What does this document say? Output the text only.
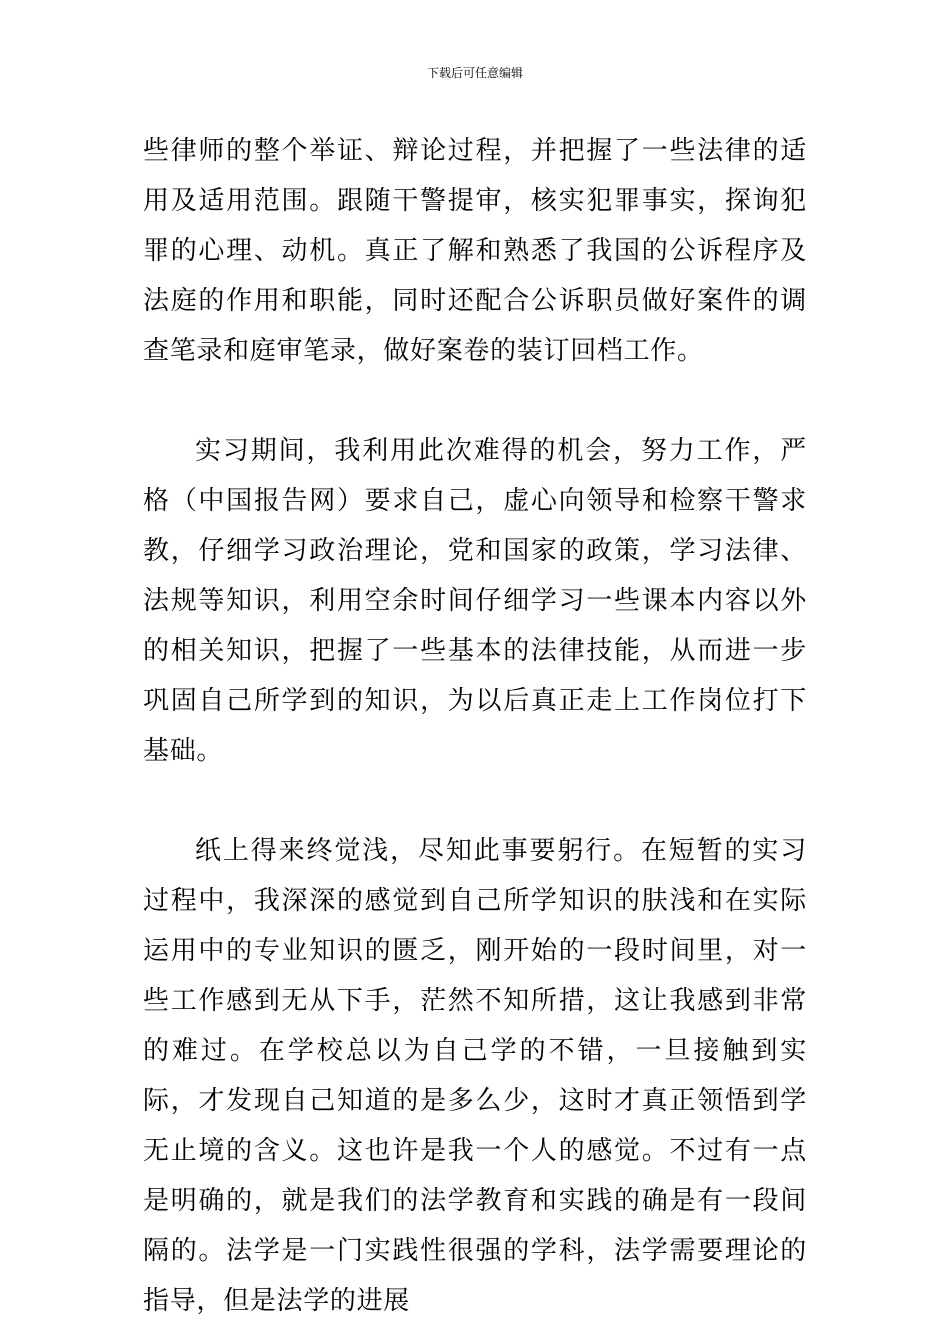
下载后可任意编辑

些律师的整个举证、辩论过程，并把握了一些法律的适用及适用范围。跟随干警提审，核实犯罪事实，探询犯罪的心理、动机。真正了解和熟悉了我国的公诉程序及法庭的作用和职能，同时还配合公诉职员做好案件的调查笔录和庭审笔录，做好案卷的装订回档工作。

实习期间，我利用此次难得的机会，努力工作，严格（中国报告网）要求自己，虚心向领导和检察干警求教，仔细学习政治理论，党和国家的政策，学习法律、法规等知识，利用空余时间仔细学习一些课本内容以外的相关知识，把握了一些基本的法律技能，从而进一步巩固自己所学到的知识，为以后真正走上工作岗位打下基础。

纸上得来终觉浅，尽知此事要躬行。在短暂的实习过程中，我深深的感觉到自己所学知识的肤浅和在实际运用中的专业知识的匮乏，刚开始的一段时间里，对一些工作感到无从下手，茫然不知所措，这让我感到非常的难过。在学校总以为自己学的不错，一旦接触到实际，才发现自己知道的是多么少，这时才真正领悟到学无止境的含义。这也许是我一个人的感觉。不过有一点是明确的，就是我们的法学教育和实践的确是有一段间隔的。法学是一门实践性很强的学科，法学需要理论的指导，但是法学的进展
